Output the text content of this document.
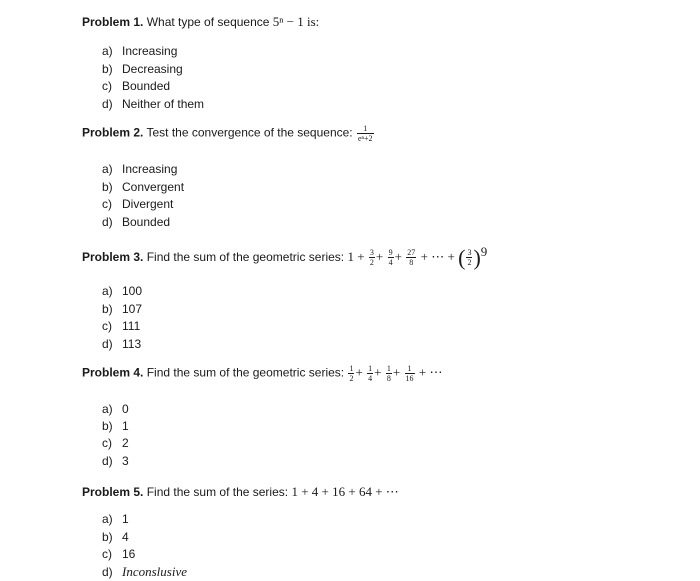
Problem 1. What type of sequence 5ⁿ − 1 is:
a) Increasing
b) Decreasing
c) Bounded
d) Neither of them
Problem 2. Test the convergence of the sequence: $\frac{1}{\text{eⁿ+2}}$
a) Increasing
b) Convergent
c) Divergent
d) Bounded
Problem 3. Find the sum of the geometric series: $1 + \frac{3}{2} + \frac{9}{4} + \frac{27}{8}$ + ⋯ + ( $\frac{3}{2} )^9$
a) 100
b) 107
c) 111
d) 113
Problem 4. Find the sum of the geometric series: $\frac{1}{2} + \frac{1}{4} + \frac{1}{8} + \frac{1}{16}$ + ⋯
a) 0
b) 1
c) 2
d) 3
Problem 5. Find the sum of the series: 1 + 4 + 16 + 64 + ⋯
a) 1
b) 4
c) 16
d) Inconslusive
